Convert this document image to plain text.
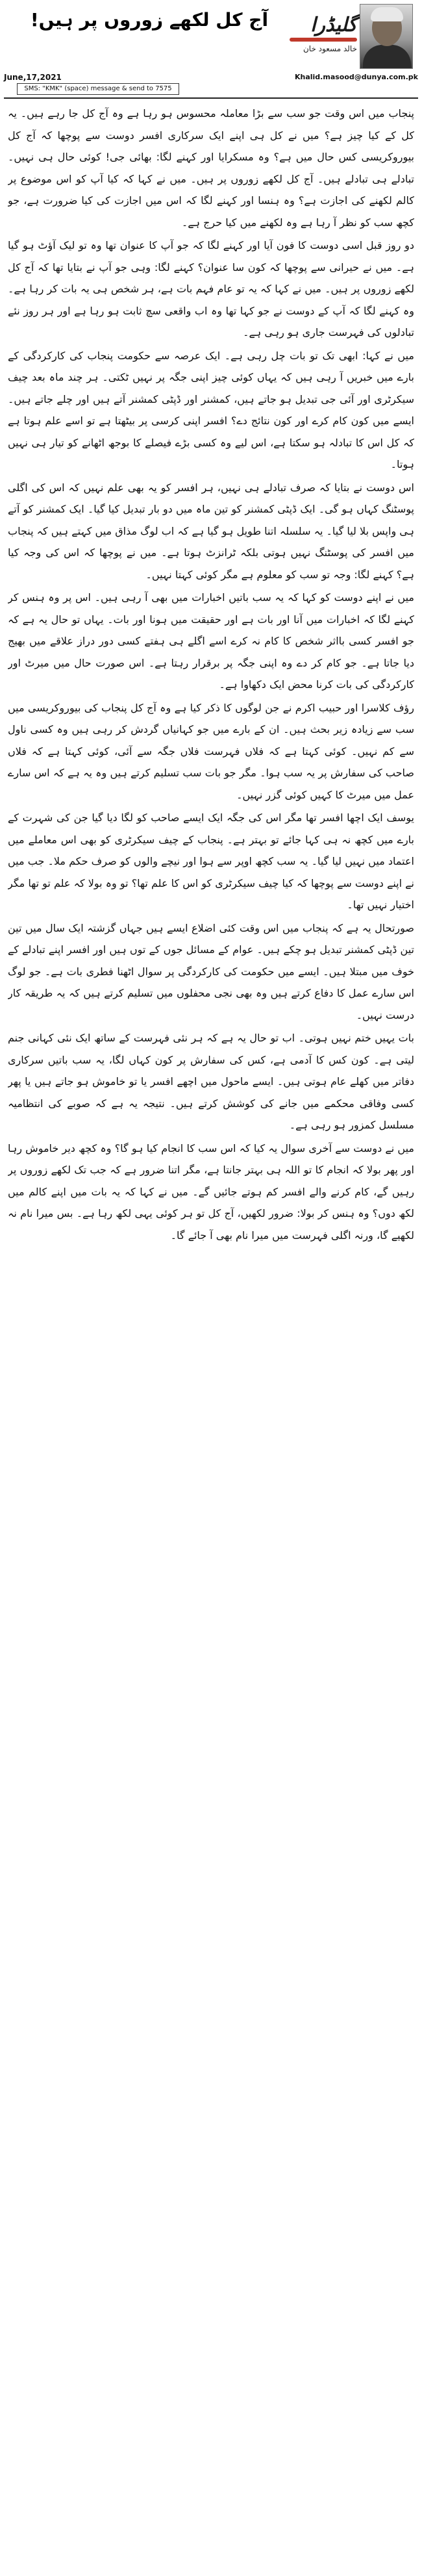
آج کل لکھے زوروں پر ہیں!	گلیڈرا
خالد مسعود خان
June,17,2021	Khalid.masood@dunya.com.pk
SMS: "KMK" (space) message & send to 7575

پنجاب میں اس وقت جو سب سے بڑا معاملہ محسوس ہو رہا ہے وہ آج کل جا رہے ہیں۔ یہ کل کے کیا چیز ہے؟ میں نے کل ہی اپنے ایک سرکاری افسر دوست سے پوچھا کہ آج کل بیوروکریسی کس حال میں ہے؟ وہ مسکرایا اور کہنے لگا: بھائی جی! کوئی حال ہی نہیں۔ تبادلے ہی تبادلے ہیں۔ آج کل لکھے زوروں پر ہیں۔ میں نے کہا کہ کیا آپ کو اس موضوع پر کالم لکھنے کی اجازت ہے؟ وہ ہنسا اور کہنے لگا کہ اس میں اجازت کی کیا ضرورت ہے، جو کچھ سب کو نظر آ رہا ہے وہ لکھنے میں کیا حرج ہے۔

دو روز قبل اسی دوست کا فون آیا اور کہنے لگا کہ جو آپ کا عنوان تھا وہ تو لیک آؤٹ ہو گیا ہے۔ میں نے حیرانی سے پوچھا کہ کون سا عنوان؟ کہنے لگا: وہی جو آپ نے بتایا تھا کہ آج کل لکھے زوروں پر ہیں۔ میں نے کہا کہ یہ تو عام فہم بات ہے، ہر شخص ہی یہ بات کر رہا ہے۔ وہ کہنے لگا کہ آپ کے دوست نے جو کہا تھا وہ اب واقعی سچ ثابت ہو رہا ہے اور ہر روز نئے تبادلوں کی فہرست جاری ہو رہی ہے۔

میں نے کہا: ابھی تک تو بات چل رہی ہے۔ ایک عرصہ سے حکومت پنجاب کی کارکردگی کے بارے میں خبریں آ رہی ہیں کہ یہاں کوئی چیز اپنی جگہ پر نہیں ٹکتی۔ ہر چند ماہ بعد چیف سیکرٹری اور آئی جی تبدیل ہو جاتے ہیں، کمشنر اور ڈپٹی کمشنر آتے ہیں اور چلے جاتے ہیں۔ ایسے میں کون کام کرے اور کون نتائج دے؟ افسر اپنی کرسی پر بیٹھتا ہے تو اسے علم ہوتا ہے کہ کل اس کا تبادلہ ہو سکتا ہے، اس لیے وہ کسی بڑے فیصلے کا بوجھ اٹھانے کو تیار ہی نہیں ہوتا۔

اس دوست نے بتایا کہ صرف تبادلے ہی نہیں، ہر افسر کو یہ بھی علم نہیں کہ اس کی اگلی پوسٹنگ کہاں ہو گی۔ ایک ڈپٹی کمشنر کو تین ماہ میں دو بار تبدیل کیا گیا۔ ایک کمشنر کو آتے ہی واپس بلا لیا گیا۔ یہ سلسلہ اتنا طویل ہو گیا ہے کہ اب لوگ مذاق میں کہتے ہیں کہ پنجاب میں افسر کی پوسٹنگ نہیں ہوتی بلکہ ٹرانزٹ ہوتا ہے۔ میں نے پوچھا کہ اس کی وجہ کیا ہے؟ کہنے لگا: وجہ تو سب کو معلوم ہے مگر کوئی کہتا نہیں۔

میں نے اپنے دوست کو کہا کہ یہ سب باتیں اخبارات میں بھی آ رہی ہیں۔ اس پر وہ ہنس کر کہنے لگا کہ اخبارات میں آنا اور بات ہے اور حقیقت میں ہونا اور بات۔ یہاں تو حال یہ ہے کہ جو افسر کسی بااثر شخص کا کام نہ کرے اسے اگلے ہی ہفتے کسی دور دراز علاقے میں بھیج دیا جاتا ہے۔ جو کام کر دے وہ اپنی جگہ پر برقرار رہتا ہے۔ اس صورت حال میں میرٹ اور کارکردگی کی بات کرنا محض ایک دکھاوا ہے۔

رؤف کلاسرا اور حبیب اکرم نے جن لوگوں کا ذکر کیا ہے وہ آج کل پنجاب کی بیوروکریسی میں سب سے زیادہ زیر بحث ہیں۔ ان کے بارے میں جو کہانیاں گردش کر رہی ہیں وہ کسی ناول سے کم نہیں۔ کوئی کہتا ہے کہ فلاں فہرست فلاں جگہ سے آئی، کوئی کہتا ہے کہ فلاں صاحب کی سفارش پر یہ سب ہوا۔ مگر جو بات سب تسلیم کرتے ہیں وہ یہ ہے کہ اس سارے عمل میں میرٹ کا کہیں کوئی گزر نہیں۔

یوسف ایک اچھا افسر تھا مگر اس کی جگہ ایک ایسے صاحب کو لگا دیا گیا جن کی شہرت کے بارے میں کچھ نہ ہی کہا جائے تو بہتر ہے۔ پنجاب کے چیف سیکرٹری کو بھی اس معاملے میں اعتماد میں نہیں لیا گیا۔ یہ سب کچھ اوپر سے ہوا اور نیچے والوں کو صرف حکم ملا۔ جب میں نے اپنے دوست سے پوچھا کہ کیا چیف سیکرٹری کو اس کا علم تھا؟ تو وہ بولا کہ علم تو تھا مگر اختیار نہیں تھا۔

صورتحال یہ ہے کہ پنجاب میں اس وقت کئی اضلاع ایسے ہیں جہاں گزشتہ ایک سال میں تین تین ڈپٹی کمشنر تبدیل ہو چکے ہیں۔ عوام کے مسائل جوں کے توں ہیں اور افسر اپنے تبادلے کے خوف میں مبتلا ہیں۔ ایسے میں حکومت کی کارکردگی پر سوال اٹھنا فطری بات ہے۔ جو لوگ اس سارے عمل کا دفاع کرتے ہیں وہ بھی نجی محفلوں میں تسلیم کرتے ہیں کہ یہ طریقہ کار درست نہیں۔

بات یہیں ختم نہیں ہوتی۔ اب تو حال یہ ہے کہ ہر نئی فہرست کے ساتھ ایک نئی کہانی جنم لیتی ہے۔ کون کس کا آدمی ہے، کس کی سفارش پر کون کہاں لگا، یہ سب باتیں سرکاری دفاتر میں کھلے عام ہوتی ہیں۔ ایسے ماحول میں اچھے افسر یا تو خاموش ہو جاتے ہیں یا پھر کسی وفاقی محکمے میں جانے کی کوشش کرتے ہیں۔ نتیجہ یہ ہے کہ صوبے کی انتظامیہ مسلسل کمزور ہو رہی ہے۔

میں نے دوست سے آخری سوال یہ کیا کہ اس سب کا انجام کیا ہو گا؟ وہ کچھ دیر خاموش رہا اور پھر بولا کہ انجام کا تو اللہ ہی بہتر جانتا ہے، مگر اتنا ضرور ہے کہ جب تک لکھے زوروں پر رہیں گے، کام کرنے والے افسر کم ہوتے جائیں گے۔ میں نے کہا کہ یہ بات میں اپنے کالم میں لکھ دوں؟ وہ ہنس کر بولا: ضرور لکھیں، آج کل تو ہر کوئی یہی لکھ رہا ہے۔ بس میرا نام نہ لکھیے گا، ورنہ اگلی فہرست میں میرا نام بھی آ جائے گا۔
